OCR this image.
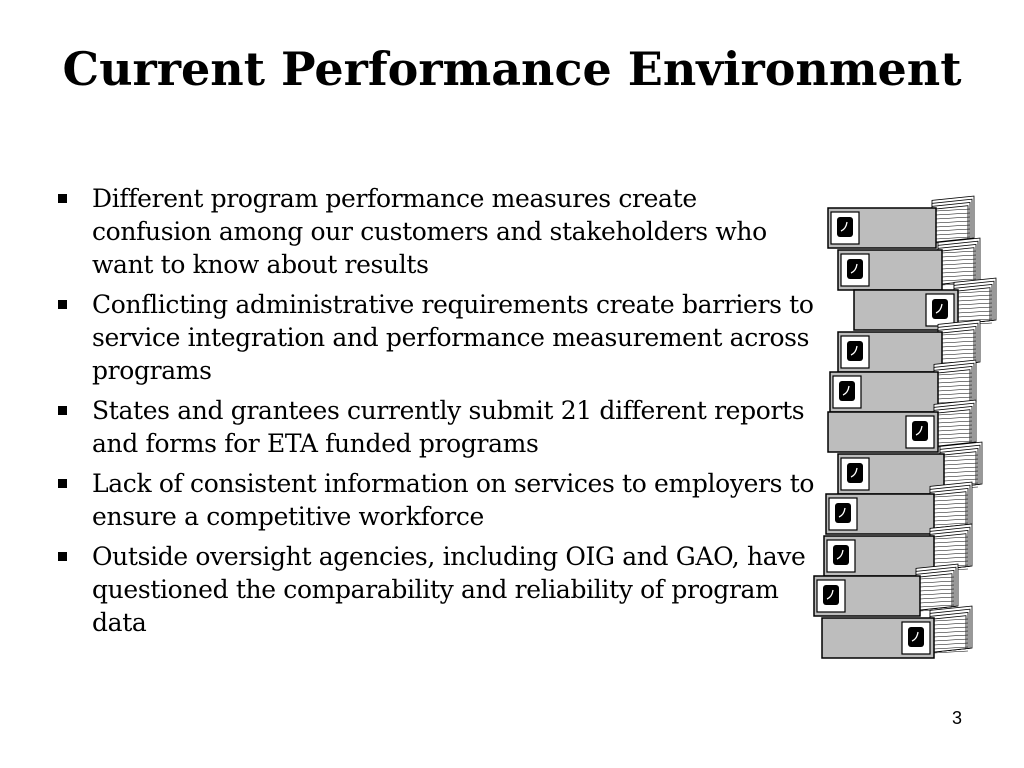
Current Performance Environment
Different program performance measures create confusion among our customers and stakeholders who want to know about results
Conflicting administrative requirements create barriers to service integration and performance measurement across programs
States and grantees currently submit 21 different reports and forms for ETA funded programs
Lack of consistent information on services to employers to ensure a competitive workforce
Outside oversight agencies, including OIG and GAO, have questioned the comparability and reliability of program data
3
